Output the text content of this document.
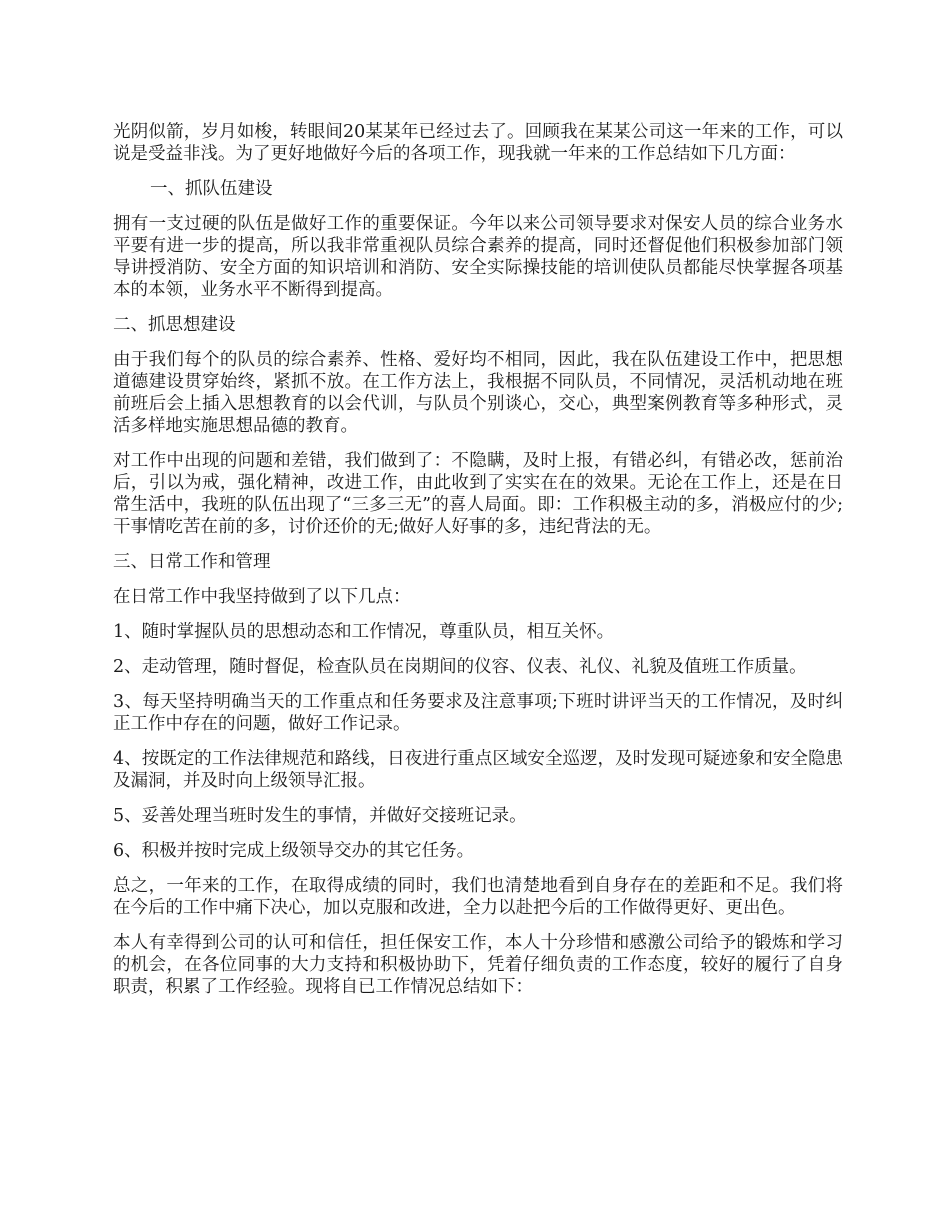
光阴似箭，岁月如梭，转眼间20某某年已经过去了。回顾我在某某公司这一年来的工作，可以说是受益非浅。为了更好地做好今后的各项工作，现我就一年来的工作总结如下几方面：

一、抓队伍建设

拥有一支过硬的队伍是做好工作的重要保证。今年以来公司领导要求对保安人员的综合业务水平要有进一步的提高，所以我非常重视队员综合素养的提高，同时还督促他们积极参加部门领导讲授消防、安全方面的知识培训和消防、安全实际操技能的培训使队员都能尽快掌握各项基本的本领，业务水平不断得到提高。

二、抓思想建设

由于我们每个的队员的综合素养、性格、爱好均不相同，因此，我在队伍建设工作中，把思想道德建设贯穿始终，紧抓不放。在工作方法上，我根据不同队员，不同情况，灵活机动地在班前班后会上插入思想教育的以会代训，与队员个别谈心，交心，典型案例教育等多种形式，灵活多样地实施思想品德的教育。

对工作中出现的问题和差错，我们做到了：不隐瞒，及时上报，有错必纠，有错必改，惩前治后，引以为戒，强化精神，改进工作，由此收到了实实在在的效果。无论在工作上，还是在日常生活中，我班的队伍出现了“三多三无”的喜人局面。即：工作积极主动的多，消极应付的少;干事情吃苦在前的多，讨价还价的无;做好人好事的多，违纪背法的无。

三、日常工作和管理

在日常工作中我坚持做到了以下几点：

1、随时掌握队员的思想动态和工作情况，尊重队员，相互关怀。

2、走动管理，随时督促，检查队员在岗期间的仪容、仪表、礼仪、礼貌及值班工作质量。

3、每天坚持明确当天的工作重点和任务要求及注意事项;下班时讲评当天的工作情况，及时纠正工作中存在的问题，做好工作记录。

4、按既定的工作法律规范和路线，日夜进行重点区域安全巡逻，及时发现可疑迹象和安全隐患及漏洞，并及时向上级领导汇报。

5、妥善处理当班时发生的事情，并做好交接班记录。

6、积极并按时完成上级领导交办的其它任务。

总之，一年来的工作，在取得成绩的同时，我们也清楚地看到自身存在的差距和不足。我们将在今后的工作中痛下决心，加以克服和改进，全力以赴把今后的工作做得更好、更出色。

本人有幸得到公司的认可和信任，担任保安工作，本人十分珍惜和感激公司给予的锻炼和学习的机会，在各位同事的大力支持和积极协助下，凭着仔细负责的工作态度，较好的履行了自身职责，积累了工作经验。现将自已工作情况总结如下：
